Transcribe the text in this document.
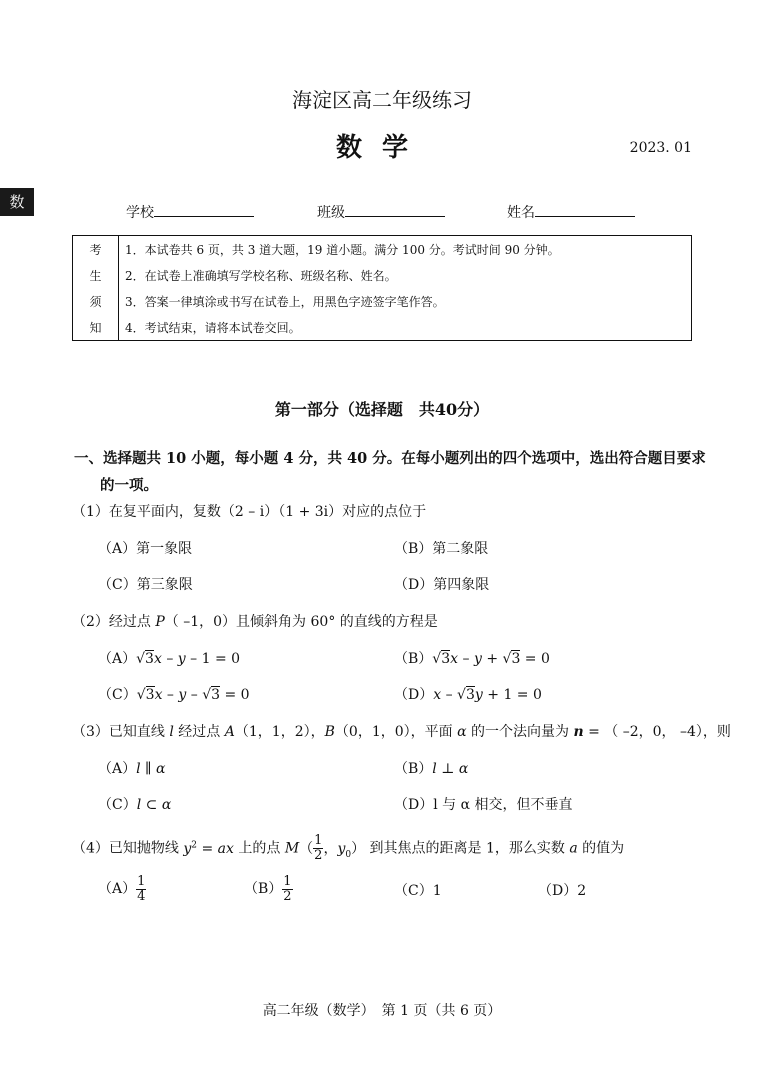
数
海淀区高二年级练习
数学	2023. 01
学校	班级	姓名
考	1．本试卷共 6 页，共 3 道大题，19 道小题。满分 100 分。考试时间 90 分钟。
生	2．在试卷上准确填写学校名称、班级名称、姓名。
须	3．答案一律填涂或书写在试卷上，用黑色字迹签字笔作答。
知	4．考试结束，请将本试卷交回。
第一部分（选择题　共40分）
一、选择题共 10 小题，每小题 4 分，共 40 分。在每小题列出的四个选项中，选出符合题目要求
的一项。
（1）在复平面内，复数（2 – i）（1 + 3i）对应的点位于
（A）第一象限	（B）第二象限
（C）第三象限	（D）第四象限
（2）经过点 P（ –1，0）且倾斜角为 60° 的直线的方程是
（A）√3x – y – 1 = 0	（B）√3x – y + √3 = 0
（C）√3x – y – √3 = 0	（D）x – √3y + 1 = 0
（3）已知直线 l 经过点 A（1，1，2），B（0，1，0），平面 α 的一个法向量为 n = （ –2，0， –4），则
（A）l ∥ α	（B）l ⊥ α
（C）l ⊂ α	（D）l 与 α 相交，但不垂直
（4）已知抛物线 $y^2$ = ax 上的点 $M( \frac{1}{2}$ ，$y_0$） 到其焦点的距离是 1，那么实数 a 的值为
$(A) \frac{1}{4}$	$(B) \frac{1}{2}$	（C）1	（D）2
高二年级（数学）　第 1 页（共 6 页）
